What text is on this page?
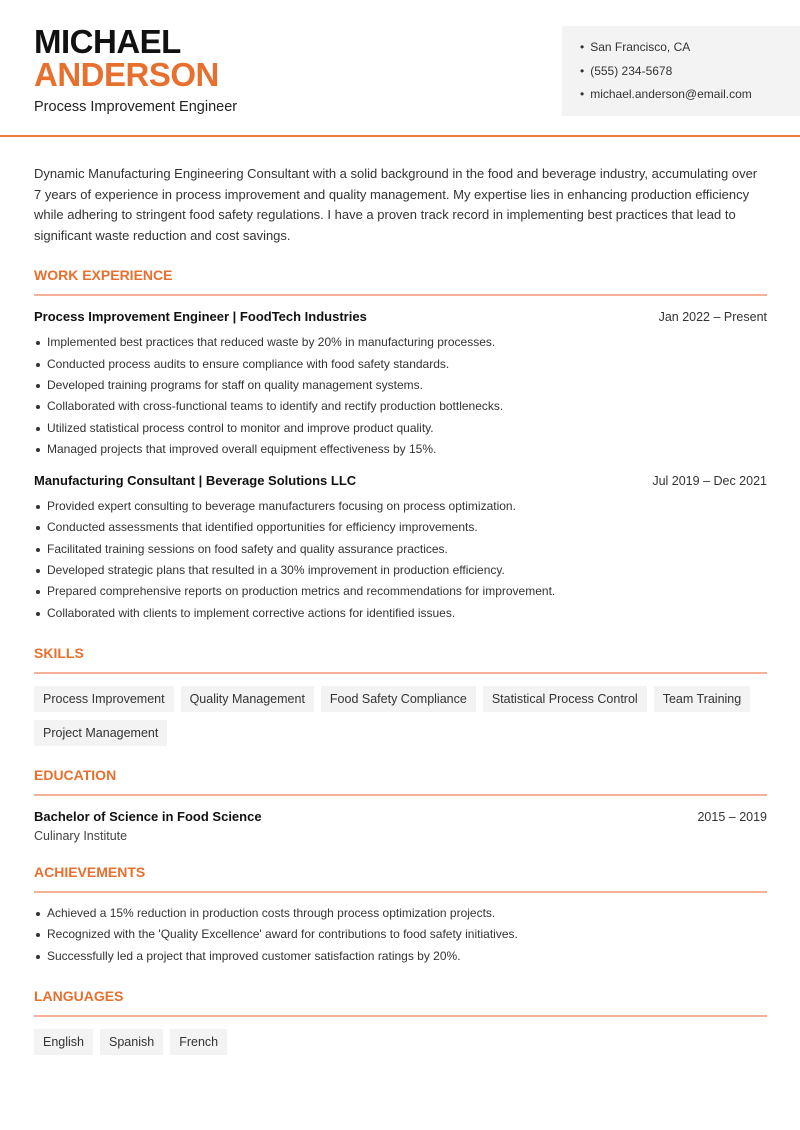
MICHAEL
ANDERSON
Process Improvement Engineer
• San Francisco, CA
• (555) 234-5678
• michael.anderson@email.com

Dynamic Manufacturing Engineering Consultant with a solid background in the food and beverage industry, accumulating over 7 years of experience in process improvement and quality management. My expertise lies in enhancing production efficiency while adhering to stringent food safety regulations. I have a proven track record in implementing best practices that lead to significant waste reduction and cost savings.

WORK EXPERIENCE
Process Improvement Engineer | FoodTech Industries	Jan 2022 – Present
Implemented best practices that reduced waste by 20% in manufacturing processes.
Conducted process audits to ensure compliance with food safety standards.
Developed training programs for staff on quality management systems.
Collaborated with cross-functional teams to identify and rectify production bottlenecks.
Utilized statistical process control to monitor and improve product quality.
Managed projects that improved overall equipment effectiveness by 15%.
Manufacturing Consultant | Beverage Solutions LLC	Jul 2019 – Dec 2021
Provided expert consulting to beverage manufacturers focusing on process optimization.
Conducted assessments that identified opportunities for efficiency improvements.
Facilitated training sessions on food safety and quality assurance practices.
Developed strategic plans that resulted in a 30% improvement in production efficiency.
Prepared comprehensive reports on production metrics and recommendations for improvement.
Collaborated with clients to implement corrective actions for identified issues.
SKILLS
Process Improvement	Quality Management	Food Safety Compliance	Statistical Process Control	Team Training
Project Management
EDUCATION
Bachelor of Science in Food Science	2015 – 2019
Culinary Institute
ACHIEVEMENTS
Achieved a 15% reduction in production costs through process optimization projects.
Recognized with the 'Quality Excellence' award for contributions to food safety initiatives.
Successfully led a project that improved customer satisfaction ratings by 20%.
LANGUAGES
English	Spanish	French
